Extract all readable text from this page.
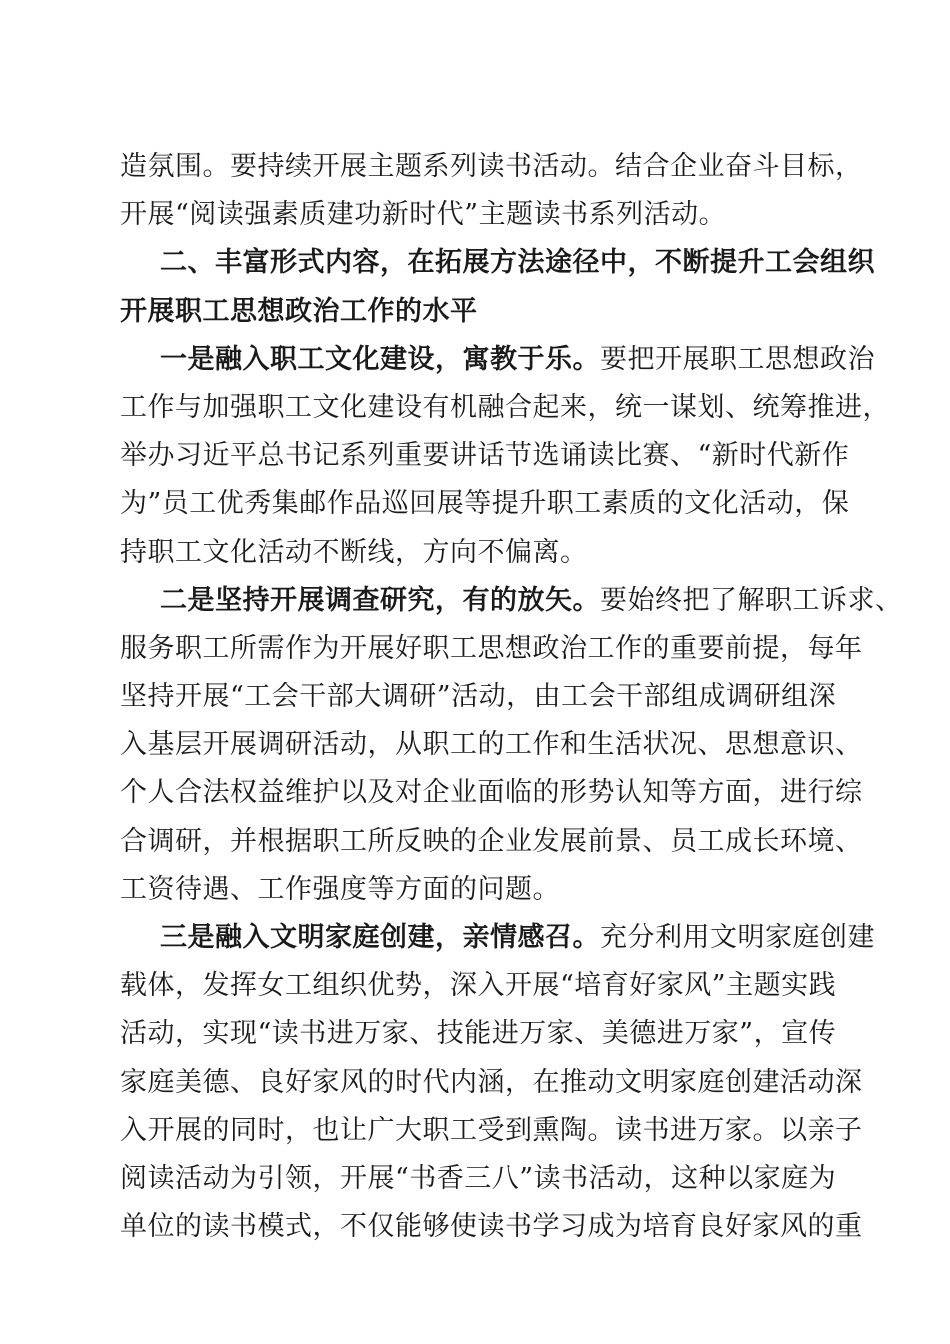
造氛围。要持续开展主题系列读书活动。结合企业奋斗目标，
开展“阅读强素质建功新时代”主题读书系列活动。
二、丰富形式内容，在拓展方法途径中，不断提升工会组织
开展职工思想政治工作的水平
一是融入职工文化建设，寓教于乐。要把开展职工思想政治
工作与加强职工文化建设有机融合起来，统一谋划、统筹推进，
举办习近平总书记系列重要讲话节选诵读比赛、“新时代新作
为”员工优秀集邮作品巡回展等提升职工素质的文化活动，保
持职工文化活动不断线，方向不偏离。
二是坚持开展调查研究，有的放矢。要始终把了解职工诉求、
服务职工所需作为开展好职工思想政治工作的重要前提，每年
坚持开展“工会干部大调研”活动，由工会干部组成调研组深
入基层开展调研活动，从职工的工作和生活状况、思想意识、
个人合法权益维护以及对企业面临的形势认知等方面，进行综
合调研，并根据职工所反映的企业发展前景、员工成长环境、
工资待遇、工作强度等方面的问题。
三是融入文明家庭创建，亲情感召。充分利用文明家庭创建
载体，发挥女工组织优势，深入开展“培育好家风”主题实践
活动，实现“读书进万家、技能进万家、美德进万家”，宣传
家庭美德、良好家风的时代内涵，在推动文明家庭创建活动深
入开展的同时，也让广大职工受到熏陶。读书进万家。以亲子
阅读活动为引领，开展“书香三八”读书活动，这种以家庭为
单位的读书模式，不仅能够使读书学习成为培育良好家风的重
